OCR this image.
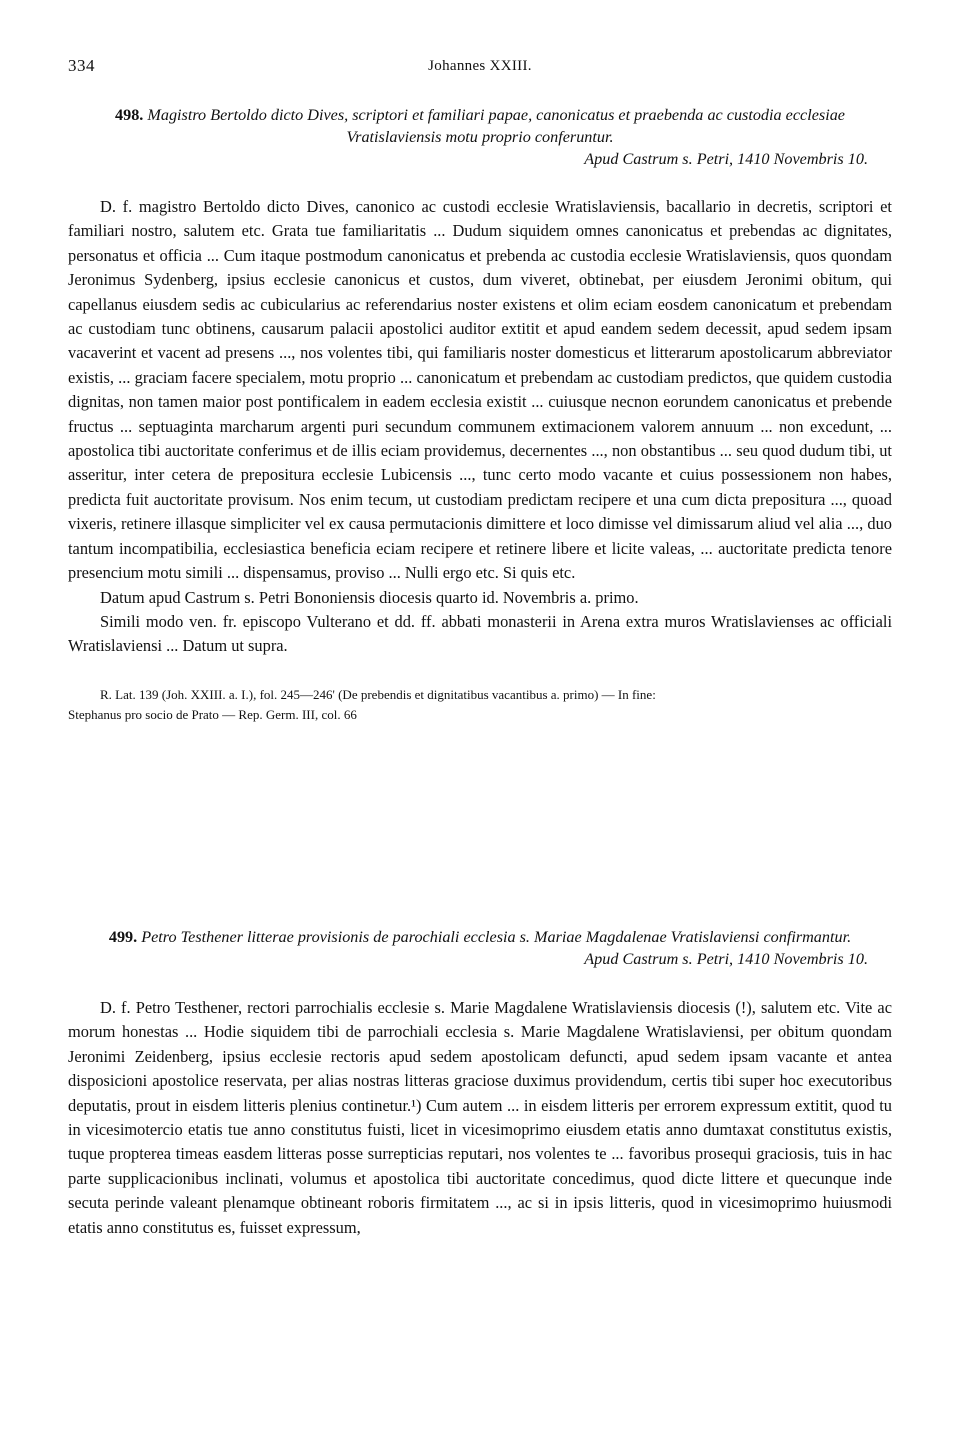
334	Johannes XXIII.
498. Magistro Bertoldo dicto Dives, scriptori et familiari papae, canonicatus et praebenda ac custodia ecclesiae Vratislaviensis motu proprio conferuntur.
Apud Castrum s. Petri, 1410 Novembris 10.

D. f. magistro Bertoldo dicto Dives, canonico ac custodi ecclesie Wratislaviensis, bacallario in decretis, scriptori et familiari nostro, salutem etc. Grata tue familiaritatis ... Dudum siquidem omnes canonicatus et prebendas ac dignitates, personatus et officia ... Cum itaque postmodum canonicatus et prebenda ac custodia ecclesie Wratislaviensis, quos quondam Jeronimus Sydenberg, ipsius ecclesie canonicus et custos, dum viveret, obtinebat, per eiusdem Jeronimi obitum, qui capellanus eiusdem sedis ac cubicularius ac referendarius noster existens et olim eciam eosdem canonicatum et prebendam ac custodiam tunc obtinens, causarum palacii apostolici auditor extitit et apud eandem sedem decessit, apud sedem ipsam vacaverint et vacent ad presens ..., nos volentes tibi, qui familiaris noster domesticus et litterarum apostolicarum abbreviator existis, ... graciam facere specialem, motu proprio ... canonicatum et prebendam ac custodiam predictos, que quidem custodia dignitas, non tamen maior post pontificalem in eadem ecclesia existit ... cuiusque necnon eorundem canonicatus et prebende fructus ... septuaginta marcharum argenti puri secundum communem extimacionem valorem annuum ... non excedunt, ... apostolica tibi auctoritate conferimus et de illis eciam providemus, decernentes ..., non obstantibus ... seu quod dudum tibi, ut asseritur, inter cetera de prepositura ecclesie Lubicensis ..., tunc certo modo vacante et cuius possessionem non habes, predicta fuit auctoritate provisum. Nos enim tecum, ut custodiam predictam recipere et una cum dicta prepositura ..., quoad vixeris, retinere illasque simpliciter vel ex causa permutacionis dimittere et loco dimisse vel dimissarum aliud vel alia ..., duo tantum incompatibilia, ecclesiastica beneficia eciam recipere et retinere libere et licite valeas, ... auctoritate predicta tenore presencium motu simili ... dispensamus, proviso ... Nulli ergo etc. Si quis etc.

Datum apud Castrum s. Petri Bononiensis diocesis quarto id. Novembris a. primo.

Simili modo ven. fr. episcopo Vulterano et dd. ff. abbati monasterii in Arena extra muros Wratislavienses ac officiali Wratislaviensi ... Datum ut supra.

R. Lat. 139 (Joh. XXIII. a. I.), fol. 245—246' (De prebendis et dignitatibus vacantibus a. primo) — In fine:
Stephanus pro socio de Prato — Rep. Germ. III, col. 66
499. Petro Testhener litterae provisionis de parochiali ecclesia s. Mariae Magdalenae Vratislaviensi confirmantur.
Apud Castrum s. Petri, 1410 Novembris 10.

D. f. Petro Testhener, rectori parrochialis ecclesie s. Marie Magdalene Wratislaviensis diocesis (!), salutem etc. Vite ac morum honestas ... Hodie siquidem tibi de parrochiali ecclesia s. Marie Magdalene Wratislaviensi, per obitum quondam Jeronimi Zeidenberg, ipsius ecclesie rectoris apud sedem apostolicam defuncti, apud sedem ipsam vacante et antea disposicioni apostolice reservata, per alias nostras litteras graciose duximus providendum, certis tibi super hoc executoribus deputatis, prout in eisdem litteris plenius continetur.¹) Cum autem ... in eisdem litteris per errorem expressum extitit, quod tu in vicesimotercio etatis tue anno constitutus fuisti, licet in vicesimoprimo eiusdem etatis anno dumtaxat constitutus existis, tuque propterea timeas easdem litteras posse surrepticias reputari, nos volentes te ... favoribus prosequi graciosis, tuis in hac parte supplicacionibus inclinati, volumus et apostolica tibi auctoritate concedimus, quod dicte littere et quecunque inde secuta perinde valeant plenamque obtineant roboris firmitatem ..., ac si in ipsis litteris, quod in vicesimoprimo huiusmodi etatis anno constitutus es, fuisset expressum,
